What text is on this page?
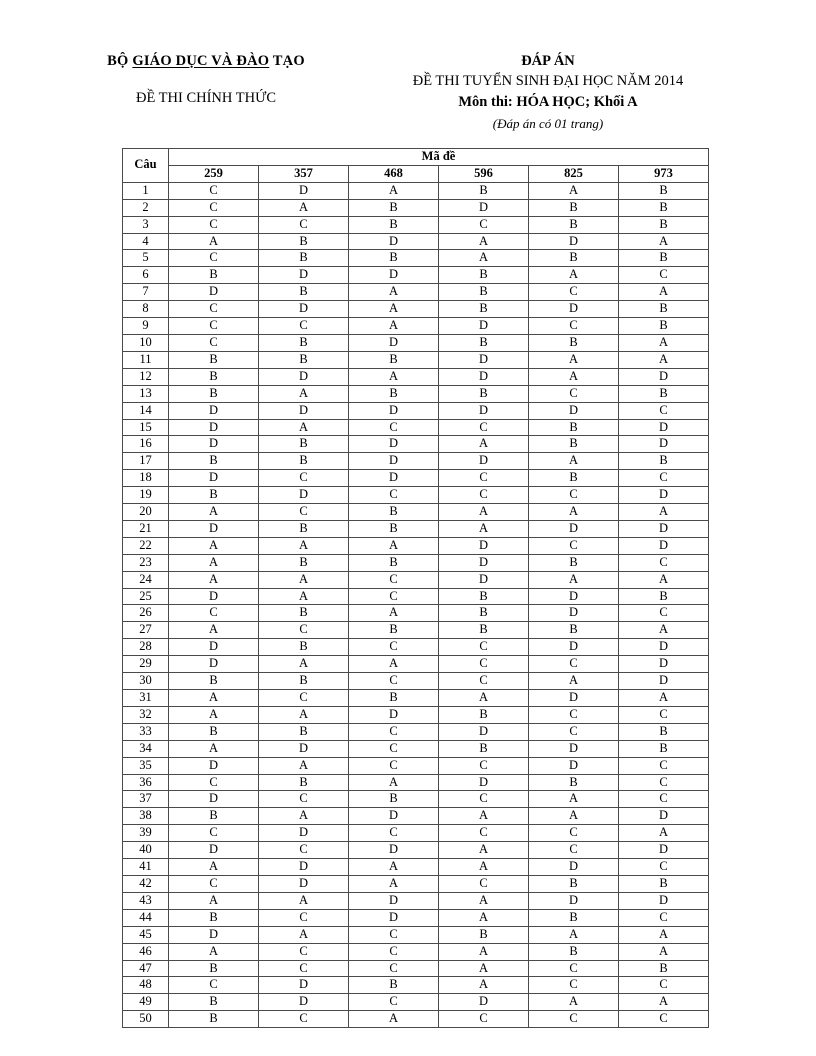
BỘ GIÁO DỤC VÀ ĐÀO TẠO
ĐỀ THI CHÍNH THỨC
ĐÁP ÁN
ĐỀ THI TUYỂN SINH ĐẠI HỌC NĂM 2014
Môn thi: HÓA HỌC; Khối A
(Đáp án có 01 trang)
Câu	Mã đề					
	259	357	468	596	825	973
1	C	D	A	B	A	B
2	C	A	B	D	B	B
3	C	C	B	C	B	B
4	A	B	D	A	D	A
5	C	B	B	A	B	B
6	B	D	D	B	A	C
7	D	B	A	B	C	A
8	C	D	A	B	D	B
9	C	C	A	D	C	B
10	C	B	D	B	B	A
11	B	B	B	D	A	A
12	B	D	A	D	A	D
13	B	A	B	B	C	B
14	D	D	D	D	D	C
15	D	A	C	C	B	D
16	D	B	D	A	B	D
17	B	B	D	D	A	B
18	D	C	D	C	B	C
19	B	D	C	C	C	D
20	A	C	B	A	A	A
21	D	B	B	A	D	D
22	A	A	A	D	C	D
23	A	B	B	D	B	C
24	A	A	C	D	A	A
25	D	A	C	B	D	B
26	C	B	A	B	D	C
27	A	C	B	B	B	A
28	D	B	C	C	D	D
29	D	A	A	C	C	D
30	B	B	C	C	A	D
31	A	C	B	A	D	A
32	A	A	D	B	C	C
33	B	B	C	D	C	B
34	A	D	C	B	D	B
35	D	A	C	C	D	C
36	C	B	A	D	B	C
37	D	C	B	C	A	C
38	B	A	D	A	A	D
39	C	D	C	C	C	A
40	D	C	D	A	C	D
41	A	D	A	A	D	C
42	C	D	A	C	B	B
43	A	A	D	A	D	D
44	B	C	D	A	B	C
45	D	A	C	B	A	A
46	A	C	C	A	B	A
47	B	C	C	A	C	B
48	C	D	B	A	C	C
49	B	D	C	D	A	A
50	B	C	A	C	C	C
